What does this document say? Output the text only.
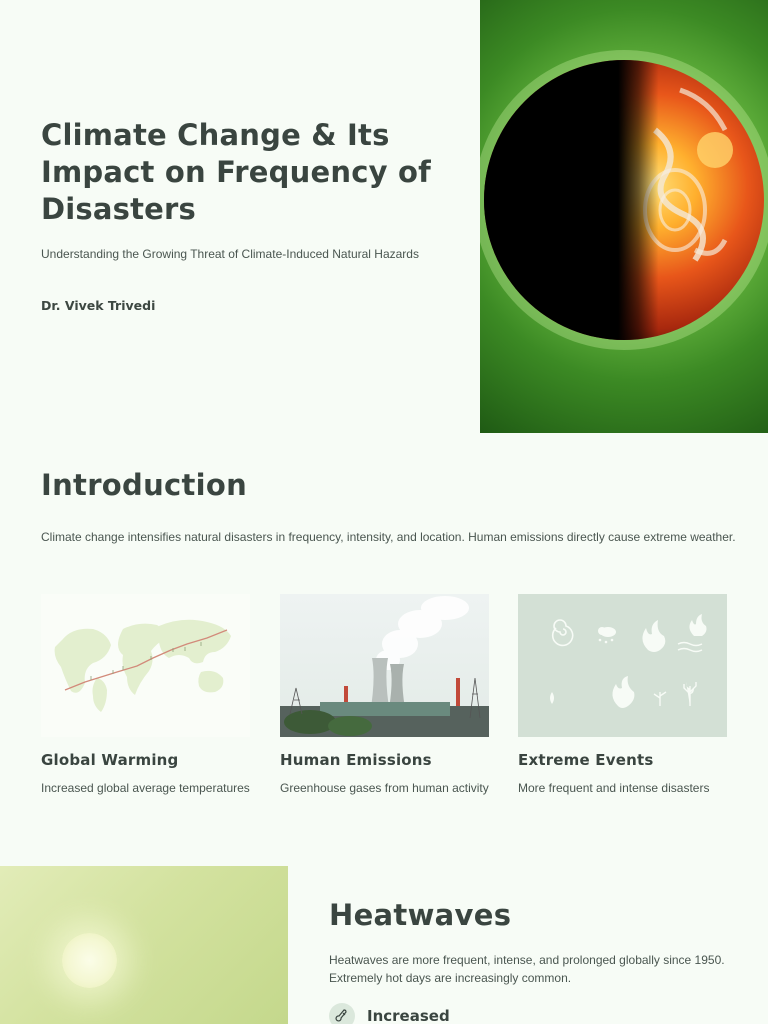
Climate Change & Its Impact on Frequency of Disasters

Understanding the Growing Threat of Climate-Induced Natural Hazards

Dr. Vivek Trivedi

Introduction

Climate change intensifies natural disasters in frequency, intensity, and location. Human emissions directly cause extreme weather.

Global Warming

Increased global average temperatures

Human Emissions

Greenhouse gases from human activity

Extreme Events

More frequent and intense disasters

Heatwaves

Heatwaves are more frequent, intense, and prolonged globally since 1950. Extremely hot days are increasingly common.

Increased
